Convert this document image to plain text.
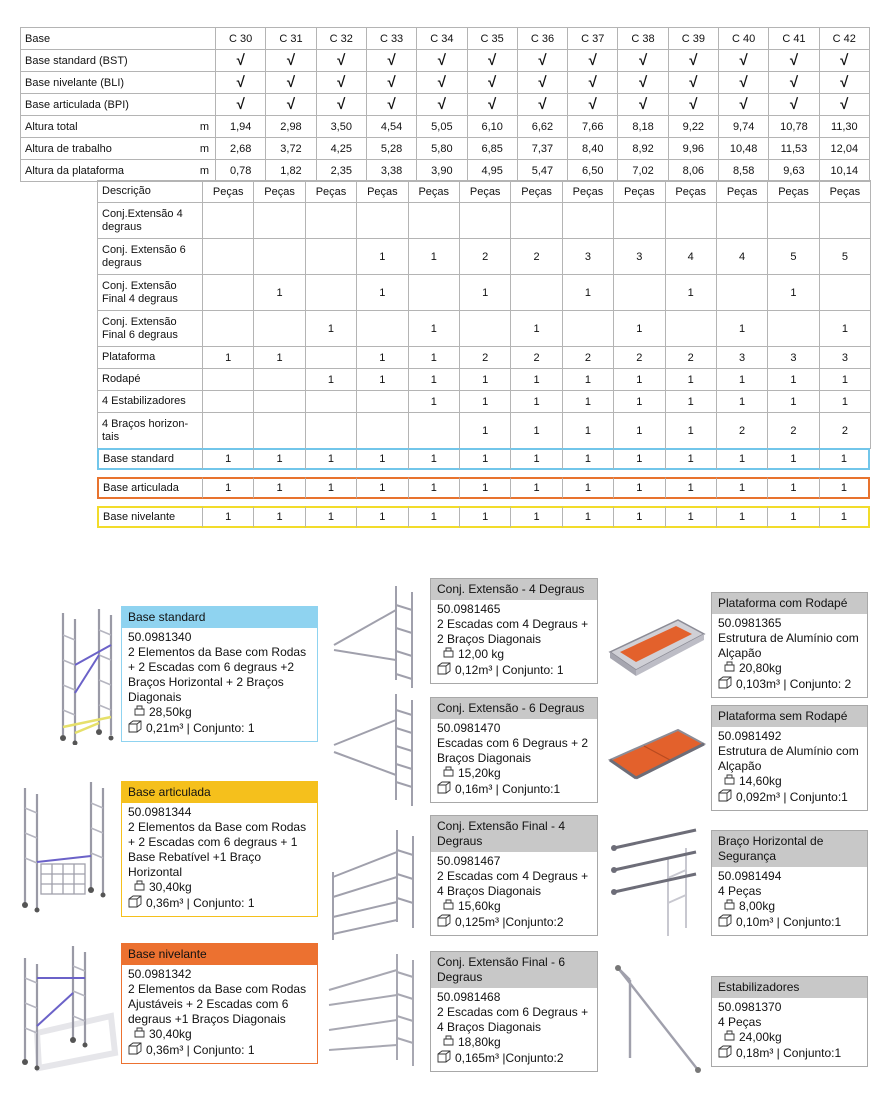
Base		C 30	C 31	C 32	C 33	C 34	C 35	C 36	C 37	C 38	C 39	C 40	C 41	C 42
Base standard (BST)		√	√	√	√	√	√	√	√	√	√	√	√	√
Base nivelante (BLI)		√	√	√	√	√	√	√	√	√	√	√	√	√
Base articulada (BPI)		√	√	√	√	√	√	√	√	√	√	√	√	√
Altura total	m	1,94	2,98	3,50	4,54	5,05	6,10	6,62	7,66	8,18	9,22	9,74	10,78	11,30
Altura de trabalho	m	2,68	3,72	4,25	5,28	5,80	6,85	7,37	8,40	8,92	9,96	10,48	11,53	12,04
Altura da plataforma	m	0,78	1,82	2,35	3,38	3,90	4,95	5,47	6,50	7,02	8,06	8,58	9,63	10,14
Descrição	Peças	Peças	Peças	Peças	Peças	Peças	Peças	Peças	Peças	Peças	Peças	Peças	Peças
Conj.Extensão 4 degraus													
Conj. Extensão 6 degraus				1	1	2	2	3	3	4	4	5	5
Conj. Extensão Final 4 degraus		1		1		1		1		1		1	
Conj. Extensão Final 6 degraus			1		1		1		1		1		1
Plataforma	1	1		1	1	2	2	2	2	2	3	3	3
Rodapé			1	1	1	1	1	1	1	1	1	1	1
4 Estabilizadores					1	1	1	1	1	1	1	1	1
4 Braços horizontais						1	1	1	1	1	2	2	2
Base standard	1	1	1	1	1	1	1	1	1	1	1	1	1

Base articulada	1	1	1	1	1	1	1	1	1	1	1	1	1

Base nivelante	1	1	1	1	1	1	1	1	1	1	1	1	1
Base standard
50.0981340
2 Elementos da Base com Rodas + 2 Escadas com 6 degraus +2 Braços Horizontal + 2 Braços Diagonais
28,50kg
0,21m³ | Conjunto: 1
Base articulada
50.0981344
2 Elementos da Base com Rodas + 2 Escadas com 6 degraus + 1 Base Rebatível +1 Braço Horizontal
30,40kg
0,36m³ | Conjunto: 1
Base nivelante
50.0981342
2 Elementos da Base com Rodas Ajustáveis + 2 Escadas com 6 degraus +1 Braços Diagonais
30,40kg
0,36m³ | Conjunto: 1
Conj. Extensão - 4 Degraus
50.0981465
2 Escadas com 4 Degraus + 2 Braços Diagonais
12,00 kg
0,12m³ | Conjunto: 1
Conj. Extensão - 6 Degraus
50.0981470
Escadas com 6 Degraus + 2 Braços Diagonais
15,20kg
0,16m³ | Conjunto:1
Conj. Extensão Final - 4 Degraus
50.0981467
2 Escadas com 4 Degraus + 4 Braços Diagonais
15,60kg
0,125m³ |Conjunto:2
Conj. Extensão Final - 6 Degraus
50.0981468
2 Escadas com 6 Degraus + 4 Braços Diagonais
18,80kg
0,165m³ |Conjunto:2
Plataforma com Rodapé
50.0981365
Estrutura de Alumínio com Alçapão
20,80kg
0,103m³ | Conjunto: 2
Plataforma sem Rodapé
50.0981492
Estrutura de Alumínio com Alçapão
14,60kg
0,092m³ | Conjunto:1
Braço Horizontal de Segurança
50.0981494
4 Peças
8,00kg
0,10m³ | Conjunto:1
Estabilizadores
50.0981370
4 Peças
24,00kg
0,18m³ | Conjunto:1
